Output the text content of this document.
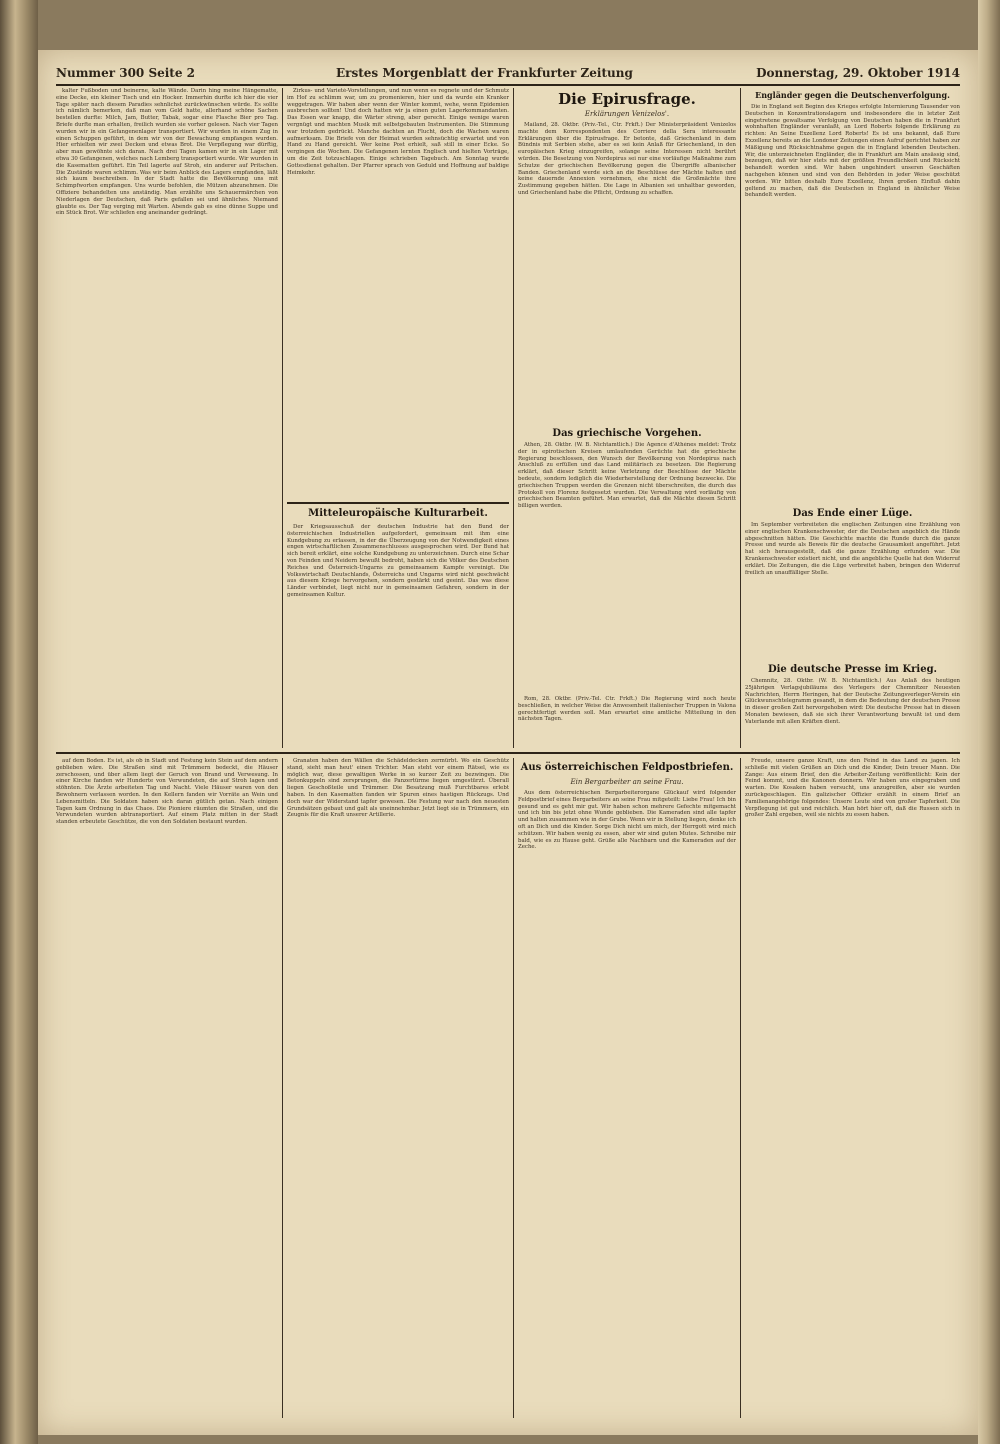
Nummer 300 Seite 2	Erstes Morgenblatt der Frankfurter Zeitung	Donnerstag, 29. Oktober 1914

kalter Fußboden und beinerne, kalte Wände. Darin hing meine Hängematte, eine Decke, ein kleiner Tisch und ein Hocker. Immerhin durfte ich hier die vier Tage später nach diesem Paradies sehnlichst zurückwünschen würde. Es sollte ich nämlich bemerken, daß man vom Geld hatte, allerhand schöne Sachen bestellen durfte: Milch, Jam, Butter, Tabak, sogar eine Flasche Bier pro Tag. Briefe durfte man erhalten, freilich wurden sie vorher gelesen. Nach vier Tagen wurden wir in ein Gefangenenlager transportiert. Wir wurden in einem Zug in einen Schuppen geführt, in dem wir von der Bewachung empfangen wurden. Hier erhielten wir zwei Decken und etwas Brot. Die Verpflegung war dürftig, aber man gewöhnte sich daran. Nach drei Tagen kamen wir in ein Lager mit etwa 30 Gefangenen, welches nach Lemberg transportiert wurde. Wir wurden in die Kasematten geführt. Ein Teil lagerte auf Stroh, ein anderer auf Pritschen. Die Zustände waren schlimm. Was wir beim Anblick des Lagers empfanden, läßt sich kaum beschreiben. In der Stadt hatte die Bevölkerung uns mit Schimpfworten empfangen. Uns wurde befohlen, die Mützen abzunehmen. Die Offiziere behandelten uns anständig. Man erzählte uns Schauermärchen von Niederlagen der Deutschen, daß Paris gefallen sei und ähnliches. Niemand glaubte es. Der Tag verging mit Warten. Abends gab es eine dünne Suppe und ein Stück Brot. Wir schliefen eng aneinander gedrängt.

Zirkus- und Varieté-Vorstellungen, und nun wenn es regnete und der Schmutz im Hof zu schlimm war, um zu promenieren, hier und da wurde ein Kranker weggetragen. Wir haben aber wenn der Winter kommt, wehe, wenn Epidemien ausbrechen sollten! Und doch hatten wir ja einen guten Lagerkommandanten. Das Essen war knapp, die Wärter streng, aber gerecht. Einige wenige waren vergnügt und machten Musik mit selbstgebauten Instrumenten. Die Stimmung war trotzdem gedrückt. Manche dachten an Flucht, doch die Wachen waren aufmerksam. Die Briefe von der Heimat wurden sehnsüchtig erwartet und von Hand zu Hand gereicht. Wer keine Post erhielt, saß still in einer Ecke. So vergingen die Wochen. Die Gefangenen lernten Englisch und hielten Vorträge, um die Zeit totzuschlagen. Einige schrieben Tagebuch. Am Sonntag wurde Gottesdienst gehalten. Der Pfarrer sprach von Geduld und Hoffnung auf baldige Heimkehr.

Mitteleuropäische Kulturarbeit.

Der Kriegsausschuß der deutschen Industrie hat den Bund der österreichischen Industriellen aufgefordert, gemeinsam mit ihm eine Kundgebung zu erlassen, in der die Überzeugung von der Notwendigkeit eines engen wirtschaftlichen Zusammenschlusses ausgesprochen wird. Der Bund hat sich bereit erklärt, eine solche Kundgebung zu unterzeichnen. Durch eine Schar von Feinden und Neidern bewußt bedroht, haben sich die Völker des Deutschen Reiches und Österreich-Ungarns zu gemeinsamem Kampfe vereinigt. Die Volkswirtschaft Deutschlands, Österreichs und Ungarns wird nicht geschwächt aus diesem Kriege hervorgehen, sondern gestärkt und geeint. Das was diese Länder verbindet, liegt nicht nur in gemeinsamen Gefahren, sondern in der gemeinsamen Kultur.

Die Epirusfrage.
Erklärungen Venizelos'.

Mailand, 28. Oktbr. (Priv.-Tel., Ctr. Frkft.) Der Ministerpräsident Venizelos machte dem Korrespondenten des Corriere della Sera interessante Erklärungen über die Epirusfrage. Er betonte, daß Griechenland in dem Bündnis mit Serbien stehe, aber es sei kein Anlaß für Griechenland, in den europäischen Krieg einzugreifen, solange seine Interessen nicht berührt würden. Die Besetzung von Nordepirus sei nur eine vorläufige Maßnahme zum Schutze der griechischen Bevölkerung gegen die Übergriffe albanischer Banden. Griechenland werde sich an die Beschlüsse der Mächte halten und keine dauernde Annexion vornehmen, ehe nicht die Großmächte ihre Zustimmung gegeben hätten. Die Lage in Albanien sei unhaltbar geworden, und Griechenland habe die Pflicht, Ordnung zu schaffen.

Das griechische Vorgehen.

Athen, 28. Oktbr. (W. B. Nichtamtlich.) Die Agence d'Athènes meldet: Trotz der in epirotischen Kreisen umlaufenden Gerüchte hat die griechische Regierung beschlossen, den Wunsch der Bevölkerung von Nordepirus nach Anschluß zu erfüllen und das Land militärisch zu besetzen. Die Regierung erklärt, daß dieser Schritt keine Verletzung der Beschlüsse der Mächte bedeute, sondern lediglich die Wiederherstellung der Ordnung bezwecke. Die griechischen Truppen werden die Grenzen nicht überschreiten, die durch das Protokoll von Florenz festgesetzt wurden. Die Verwaltung wird vorläufig von griechischen Beamten geführt. Man erwartet, daß die Mächte diesen Schritt billigen werden.

Rom, 28. Oktbr. (Priv.-Tel. Ctr. Frkft.) Die Regierung wird noch heute beschließen, in welcher Weise die Anwesenheit italienischer Truppen in Valona gerechtfertigt werden soll. Man erwartet eine amtliche Mitteilung in den nächsten Tagen.

Engländer gegen die Deutschenverfolgung.

Die in England seit Beginn des Krieges erfolgte Internierung Tausender von Deutschen in Konzentrationslagern und insbesondere die in letzter Zeit eingetretene gewaltsame Verfolgung von Deutschen haben die in Frankfurt wohnhaften Engländer veranlaßt, an Lord Roberts folgende Erklärung zu richten: An Seine Exzellenz Lord Roberts! Es ist uns bekannt, daß Eure Exzellenz bereits an die Londoner Zeitungen einen Aufruf gerichtet haben zur Mäßigung und Rücksichtnahme gegen die in England lebenden Deutschen. Wir, die unterzeichneten Engländer, die in Frankfurt am Main ansässig sind, bezeugen, daß wir hier stets mit der größten Freundlichkeit und Rücksicht behandelt worden sind. Wir haben ungehindert unseren Geschäften nachgehen können und sind von den Behörden in jeder Weise geschützt worden. Wir bitten deshalb Eure Exzellenz, Ihren großen Einfluß dahin geltend zu machen, daß die Deutschen in England in ähnlicher Weise behandelt werden.

Das Ende einer Lüge.

Im September verbreiteten die englischen Zeitungen eine Erzählung von einer englischen Krankenschwester, der die Deutschen angeblich die Hände abgeschnitten hätten. Die Geschichte machte die Runde durch die ganze Presse und wurde als Beweis für die deutsche Grausamkeit angeführt. Jetzt hat sich herausgestellt, daß die ganze Erzählung erfunden war. Die Krankenschwester existiert nicht, und die angebliche Quelle hat den Widerruf erklärt. Die Zeitungen, die die Lüge verbreitet haben, bringen den Widerruf freilich an unauffälliger Stelle.

Die deutsche Presse im Krieg.

Chemnitz, 28. Oktbr. (W. B. Nichtamtlich.) Aus Anlaß des heutigen 25jährigen Verlagsjubiläums des Verlegers der Chemnitzer Neuesten Nachrichten, Herrn Heringen, hat der Deutsche Zeitungsverleger-Verein ein Glückwunschtelegramm gesandt, in dem die Bedeutung der deutschen Presse in dieser großen Zeit hervorgehoben wird: Die deutsche Presse hat in diesen Monaten bewiesen, daß sie sich ihrer Verantwortung bewußt ist und dem Vaterlande mit allen Kräften dient.

auf dem Boden. Es ist, als ob in Stadt und Festung kein Stein auf dem andern geblieben wäre. Die Straßen sind mit Trümmern bedeckt, die Häuser zerschossen, und über allem liegt der Geruch von Brand und Verwesung. In einer Kirche fanden wir Hunderte von Verwundeten, die auf Stroh lagen und stöhnten. Die Ärzte arbeiteten Tag und Nacht. Viele Häuser waren von den Bewohnern verlassen worden. In den Kellern fanden wir Vorräte an Wein und Lebensmitteln. Die Soldaten haben sich daran gütlich getan. Nach einigen Tagen kam Ordnung in das Chaos. Die Pioniere räumten die Straßen, und die Verwundeten wurden abtransportiert. Auf einem Platz mitten in der Stadt standen erbeutete Geschütze, die von den Soldaten bestaunt wurden.

Granaten haben den Wällen die Schädeldecken zermürbt. Wo ein Geschütz stand, sieht man heut' einen Trichter. Man steht vor einem Rätsel, wie es möglich war, diese gewaltigen Werke in so kurzer Zeit zu bezwingen. Die Betonkuppeln sind zersprungen, die Panzertürme liegen umgestürzt. Überall liegen Geschoßteile und Trümmer. Die Besatzung muß Furchtbares erlebt haben. In den Kasematten fanden wir Spuren eines hastigen Rückzugs. Und doch war der Widerstand tapfer gewesen. Die Festung war nach den neuesten Grundsätzen gebaut und galt als uneinnehmbar. Jetzt liegt sie in Trümmern, ein Zeugnis für die Kraft unserer Artillerie.

Aus österreichischen Feldpostbriefen.
Ein Bergarbeiter an seine Frau.

Aus dem österreichischen Bergarbeiterorgane Glückauf wird folgender Feldpostbrief eines Bergarbeiters an seine Frau mitgeteilt: Liebe Frau! Ich bin gesund und es geht mir gut. Wir haben schon mehrere Gefechte mitgemacht und ich bin bis jetzt ohne Wunde geblieben. Die Kameraden sind alle tapfer und halten zusammen wie in der Grube. Wenn wir in Stellung liegen, denke ich oft an Dich und die Kinder. Sorge Dich nicht um mich, der Herrgott wird mich schützen. Wir haben wenig zu essen, aber wir sind guten Mutes. Schreibe mir bald, wie es zu Hause geht. Grüße alle Nachbarn und die Kameraden auf der Zeche.

Freude, unsere ganze Kraft, uns den Feind in das Land zu jagen. Ich schließe mit vielen Grüßen an Dich und die Kinder, Dein treuer Mann. Die Zange: Aus einem Brief, den die Arbeiter-Zeitung veröffentlicht: Kein der Feind kommt, und die Kanonen donnern. Wir haben uns eingegraben und warten. Die Kosaken haben versucht, uns anzugreifen, aber sie wurden zurückgeschlagen. Ein galizischer Offizier erzählt in einem Brief an Familienangehörige folgendes: Unsere Leute sind von großer Tapferkeit. Die Verpflegung ist gut und reichlich. Man hört hier oft, daß die Russen sich in großer Zahl ergeben, weil sie nichts zu essen haben.
